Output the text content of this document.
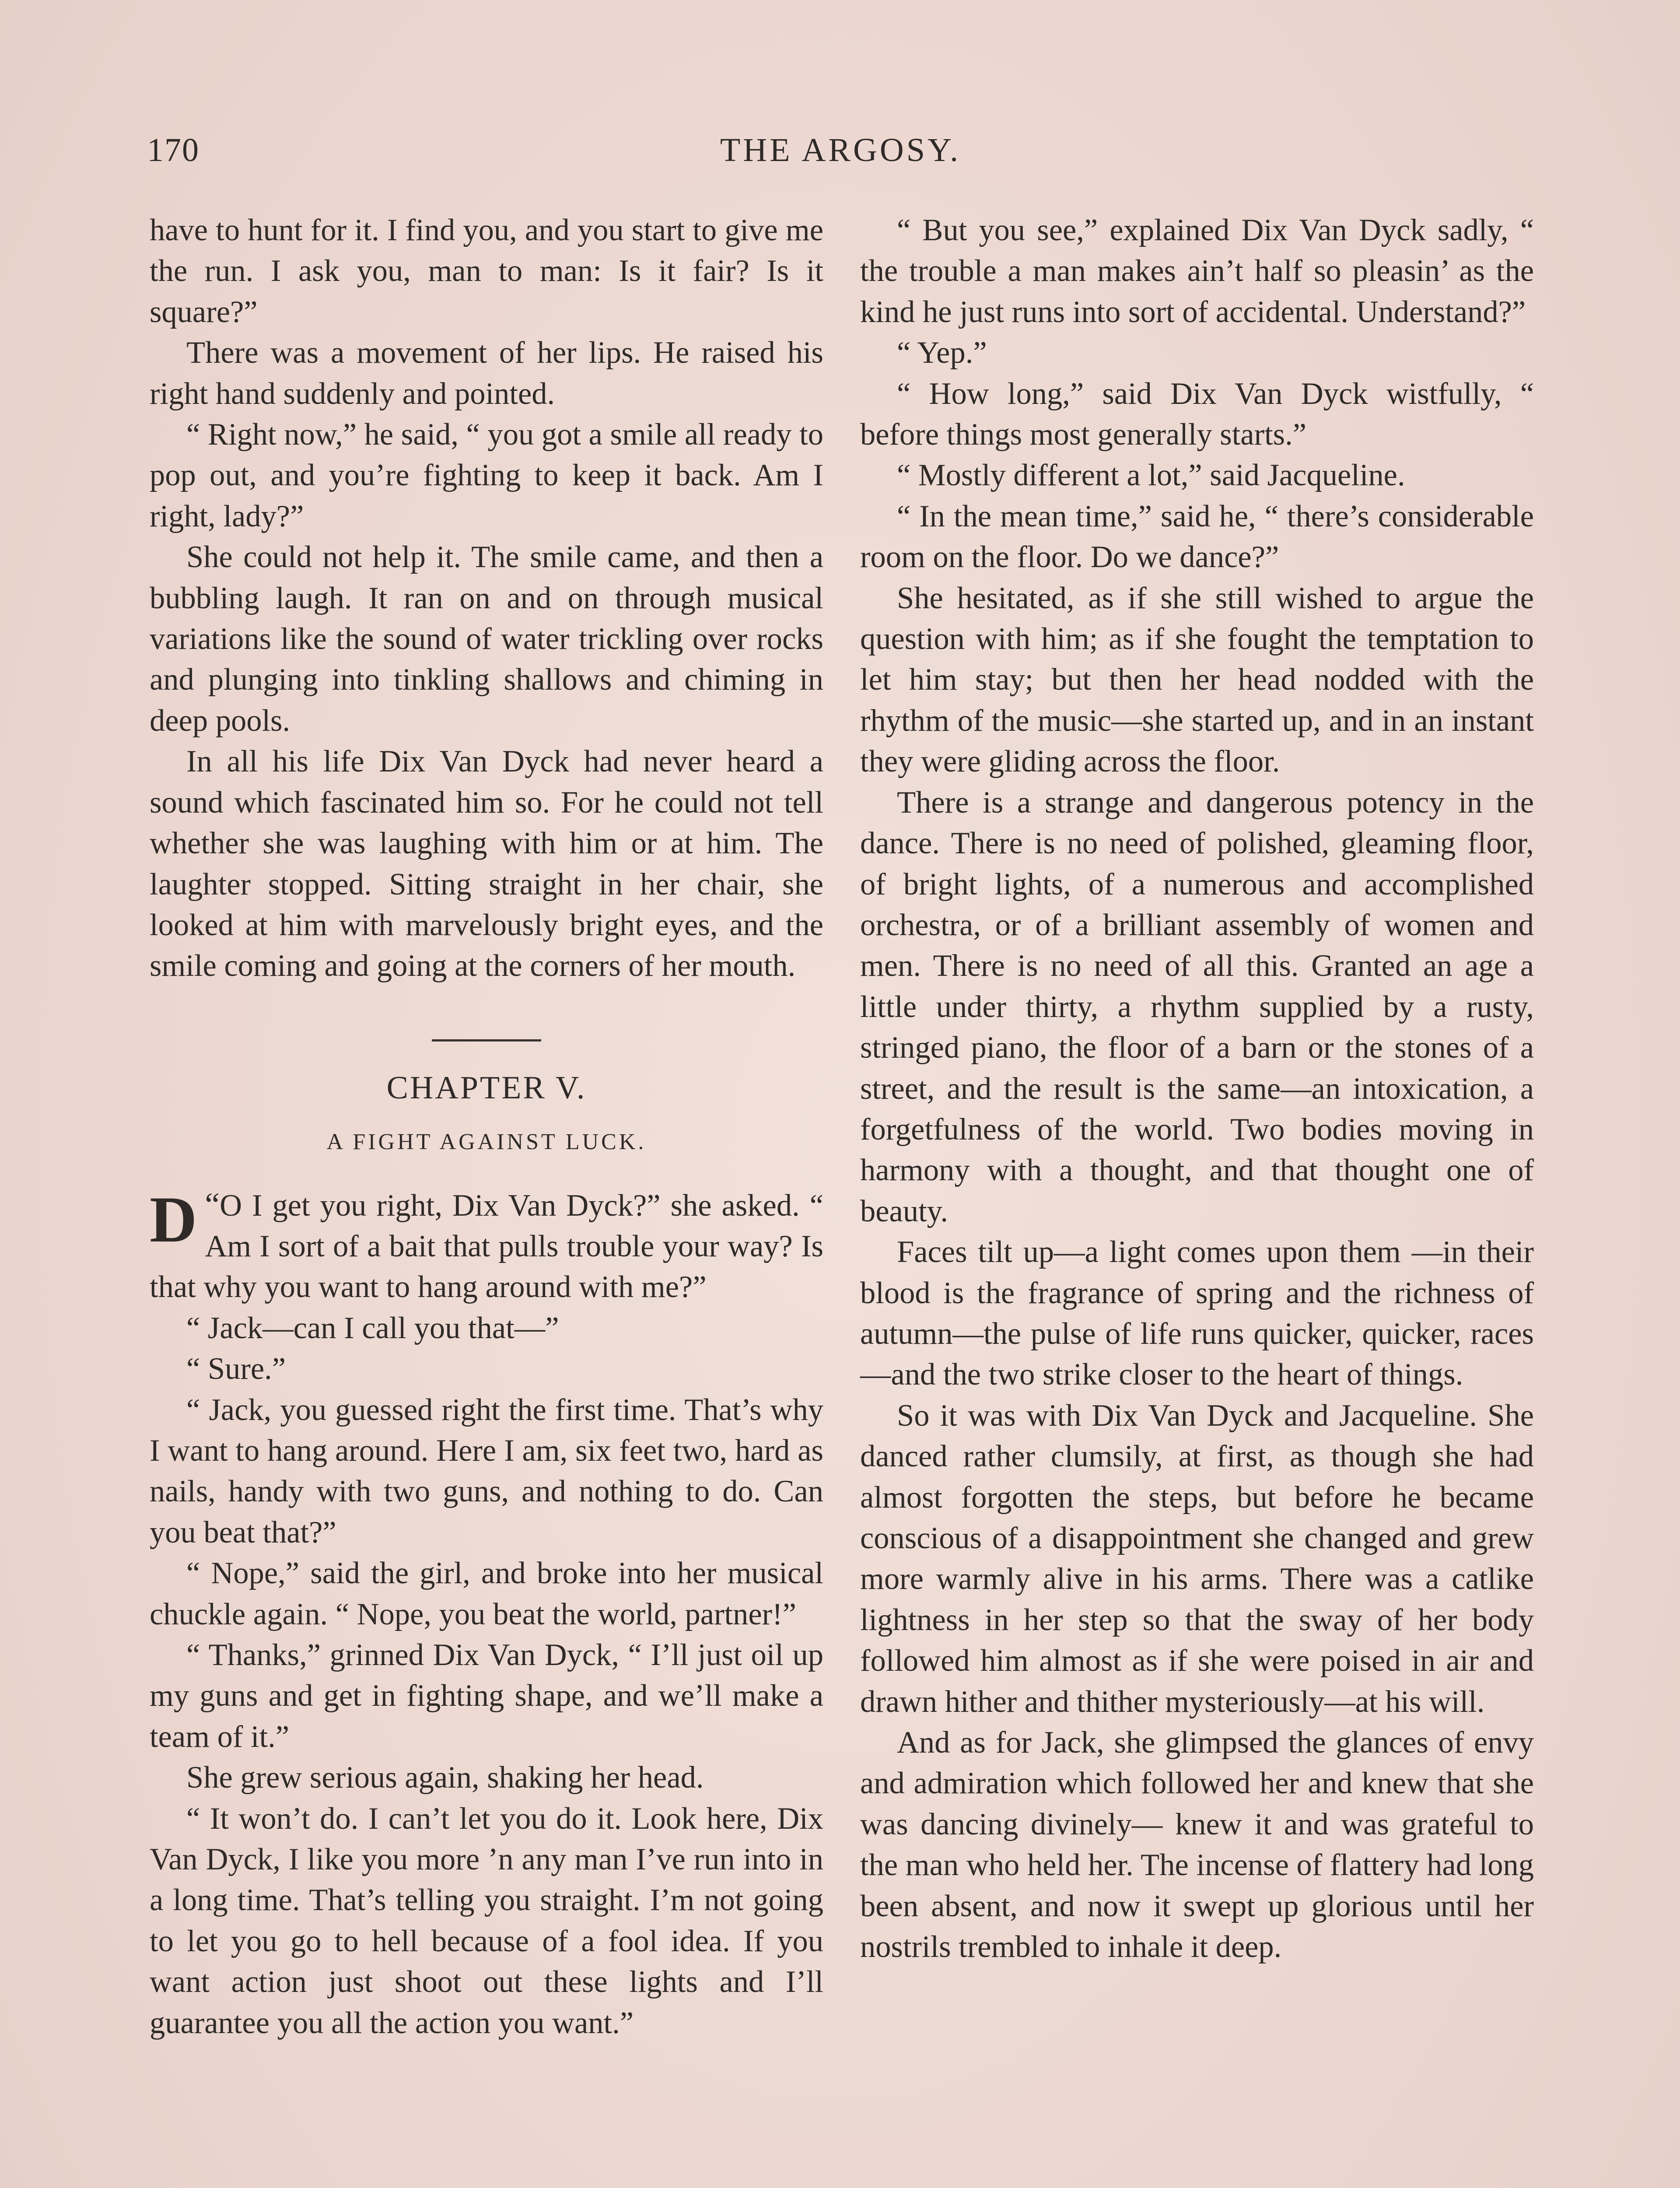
170	THE ARGOSY.

have to hunt for it. I find you, and you start to give me the run. I ask you, man to man: Is it fair? Is it square?”

There was a movement of her lips. He raised his right hand suddenly and pointed.

“ Right now,” he said, “ you got a smile all ready to pop out, and you’re fighting to keep it back. Am I right, lady?”

She could not help it. The smile came, and then a bubbling laugh. It ran on and on through musical variations like the sound of water trickling over rocks and plunging into tinkling shallows and chiming in deep pools.

In all his life Dix Van Dyck had never heard a sound which fascinated him so. For he could not tell whether she was laughing with him or at him. The laughter stopped. Sitting straight in her chair, she looked at him with marvelously bright eyes, and the smile coming and going at the corners of her mouth.

CHAPTER V.
A FIGHT AGAINST LUCK.

“
D O I get you right, Dix Van Dyck?” she asked. “ Am I sort of a bait that pulls trouble your way? Is that why you want to hang around with me?”

“ Jack—can I call you that—”

“ Sure.”

“ Jack, you guessed right the first time. That’s why I want to hang around. Here I am, six feet two, hard as nails, handy with two guns, and nothing to do. Can you beat that?”

“ Nope,” said the girl, and broke into her musical chuckle again. “ Nope, you beat the world, partner!”

“ Thanks,” grinned Dix Van Dyck, “ I’ll just oil up my guns and get in fighting shape, and we’ll make a team of it.”

She grew serious again, shaking her head.

“ It won’t do. I can’t let you do it. Look here, Dix Van Dyck, I like you more ’n any man I’ve run into in a long time. That’s telling you straight. I’m not going to let you go to hell because of a fool idea. If you want action just shoot out these lights and I’ll guarantee you all the action you want.”

“ But you see,” explained Dix Van Dyck sadly, “ the trouble a man makes ain’t half so pleasin’ as the kind he just runs into sort of accidental. Understand?”

“ Yep.”

“ How long,” said Dix Van Dyck wistfully, “ before things most generally starts.”

“ Mostly different a lot,” said Jacqueline.

“ In the mean time,” said he, “ there’s considerable room on the floor. Do we dance?”

She hesitated, as if she still wished to argue the question with him; as if she fought the temptation to let him stay; but then her head nodded with the rhythm of the music—she started up, and in an instant they were gliding across the floor.

There is a strange and dangerous potency in the dance. There is no need of polished, gleaming floor, of bright lights, of a numerous and accomplished orchestra, or of a brilliant assembly of women and men. There is no need of all this. Granted an age a little under thirty, a rhythm supplied by a rusty, stringed piano, the floor of a barn or the stones of a street, and the result is the same—an intoxication, a forgetfulness of the world. Two bodies moving in harmony with a thought, and that thought one of beauty.

Faces tilt up—a light comes upon them —in their blood is the fragrance of spring and the richness of autumn—the pulse of life runs quicker, quicker, races—and the two strike closer to the heart of things.

So it was with Dix Van Dyck and Jacqueline. She danced rather clumsily, at first, as though she had almost forgotten the steps, but before he became conscious of a disappointment she changed and grew more warmly alive in his arms. There was a catlike lightness in her step so that the sway of her body followed him almost as if she were poised in air and drawn hither and thither mysteriously—at his will.

And as for Jack, she glimpsed the glances of envy and admiration which followed her and knew that she was dancing divinely— knew it and was grateful to the man who held her. The incense of flattery had long been absent, and now it swept up glorious until her nostrils trembled to inhale it deep.
